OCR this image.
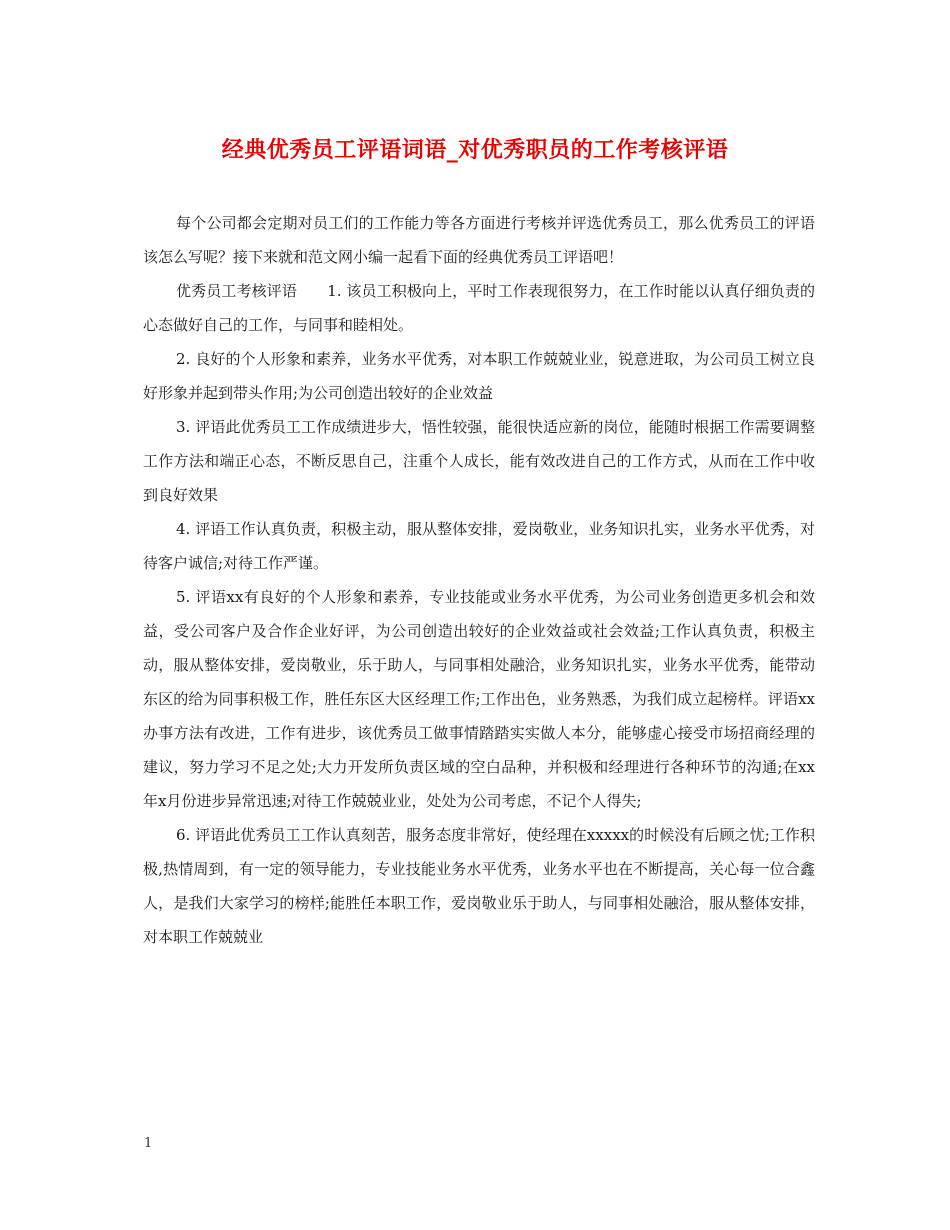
经典优秀员工评语词语_对优秀职员的工作考核评语

每个公司都会定期对员工们的工作能力等各方面进行考核并评选优秀员工，那么优秀员工的评语该怎么写呢？接下来就和范文网小编一起看下面的经典优秀员工评语吧！

优秀员工考核评语　　1. 该员工积极向上，平时工作表现很努力，在工作时能以认真仔细负责的心态做好自己的工作，与同事和睦相处。

2. 良好的个人形象和素养，业务水平优秀，对本职工作兢兢业业，锐意进取，为公司员工树立良好形象并起到带头作用;为公司创造出较好的企业效益

3. 评语此优秀员工工作成绩进步大，悟性较强，能很快适应新的岗位，能随时根据工作需要调整工作方法和端正心态，不断反思自己，注重个人成长，能有效改进自己的工作方式，从而在工作中收到良好效果

4. 评语工作认真负责，积极主动，服从整体安排，爱岗敬业，业务知识扎实，业务水平优秀，对待客户诚信;对待工作严谨。

5. 评语xx有良好的个人形象和素养，专业技能或业务水平优秀，为公司业务创造更多机会和效益，受公司客户及合作企业好评，为公司创造出较好的企业效益或社会效益;工作认真负责，积极主动，服从整体安排，爱岗敬业，乐于助人，与同事相处融洽，业务知识扎实，业务水平优秀，能带动东区的给为同事积极工作，胜任东区大区经理工作;工作出色，业务熟悉，为我们成立起榜样。评语xx办事方法有改进，工作有进步，该优秀员工做事情踏踏实实做人本分，能够虚心接受市场招商经理的建议，努力学习不足之处;大力开发所负责区域的空白品种，并积极和经理进行各种环节的沟通;在xx年x月份进步异常迅速;对待工作兢兢业业，处处为公司考虑，不记个人得失;

6. 评语此优秀员工工作认真刻苦，服务态度非常好，使经理在xxxxx的时候没有后顾之忧;工作积极,热情周到，有一定的领导能力，专业技能业务水平优秀，业务水平也在不断提高，关心每一位合鑫人，是我们大家学习的榜样;能胜任本职工作，爱岗敬业乐于助人，与同事相处融洽，服从整体安排，对本职工作兢兢业

1
